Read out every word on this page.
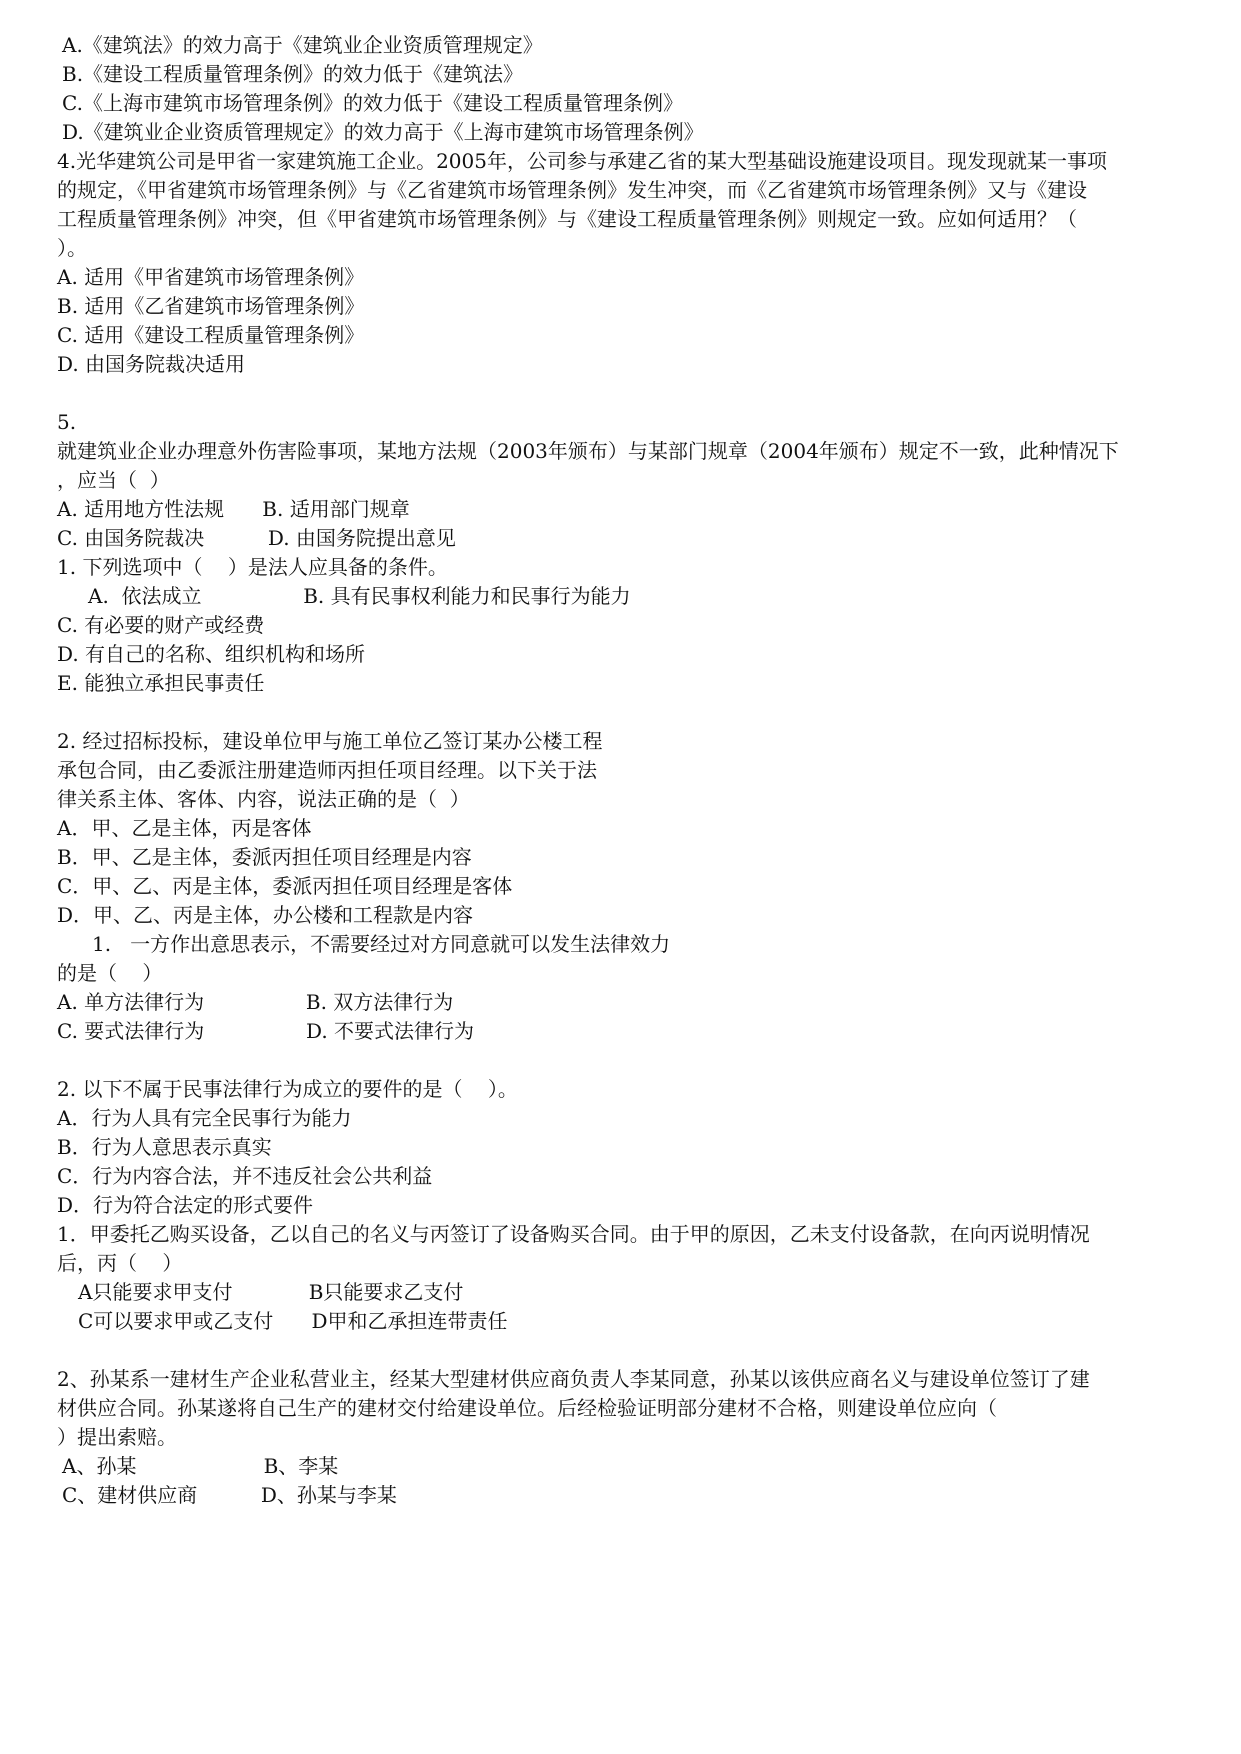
A.《建筑法》的效力高于《建筑业企业资质管理规定》
B.《建设工程质量管理条例》的效力低于《建筑法》
C.《上海市建筑市场管理条例》的效力低于《建设工程质量管理条例》
D.《建筑业企业资质管理规定》的效力高于《上海市建筑市场管理条例》
4.光华建筑公司是甲省一家建筑施工企业。2005年，公司参与承建乙省的某大型基础设施建设项目。现发现就某一事项
的规定，《甲省建筑市场管理条例》与《乙省建筑市场管理条例》发生冲突，而《乙省建筑市场管理条例》又与《建设
工程质量管理条例》冲突，但《甲省建筑市场管理条例》与《建设工程质量管理条例》则规定一致。应如何适用？（
）。
A. 适用《甲省建筑市场管理条例》
B. 适用《乙省建筑市场管理条例》
C. 适用《建设工程质量管理条例》
D. 由国务院裁决适用
5.
就建筑业企业办理意外伤害险事项，某地方法规（2003年颁布）与某部门规章（2004年颁布）规定不一致，此种情况下
，应当（  ）
A. 适用地方性法规      B. 适用部门规章
C. 由国务院裁决          D. 由国务院提出意见
1. 下列选项中（    ）是法人应具备的条件。
A.  依法成立                B. 具有民事权利能力和民事行为能力
C. 有必要的财产或经费
D. 有自己的名称、组织机构和场所
E. 能独立承担民事责任
2. 经过招标投标，建设单位甲与施工单位乙签订某办公楼工程
承包合同，由乙委派注册建造师丙担任项目经理。以下关于法
律关系主体、客体、内容，说法正确的是（  ）
A．甲、乙是主体，丙是客体
B．甲、乙是主体，委派丙担任项目经理是内容
C．甲、乙、丙是主体，委派丙担任项目经理是客体
D．甲、乙、丙是主体，办公楼和工程款是内容
1.   一方作出意思表示，不需要经过对方同意就可以发生法律效力
的是（    ）
A. 单方法律行为                B. 双方法律行为
C. 要式法律行为                D. 不要式法律行为
2. 以下不属于民事法律行为成立的要件的是（    ）。
A．行为人具有完全民事行为能力
B．行为人意思表示真实
C．行为内容合法，并不违反社会公共利益
D．行为符合法定的形式要件
1．甲委托乙购买设备，乙以自己的名义与丙签订了设备购买合同。由于甲的原因，乙未支付设备款，在向丙说明情况
后，丙（    ）
A只能要求甲支付            B只能要求乙支付
C可以要求甲或乙支付      D甲和乙承担连带责任
2、孙某系一建材生产企业私营业主，经某大型建材供应商负责人李某同意，孙某以该供应商名义与建设单位签订了建
材供应合同。孙某遂将自己生产的建材交付给建设单位。后经检验证明部分建材不合格，则建设单位应向（
）提出索赔。
A、孙某                    B、李某
C、建材供应商          D、孙某与李某
